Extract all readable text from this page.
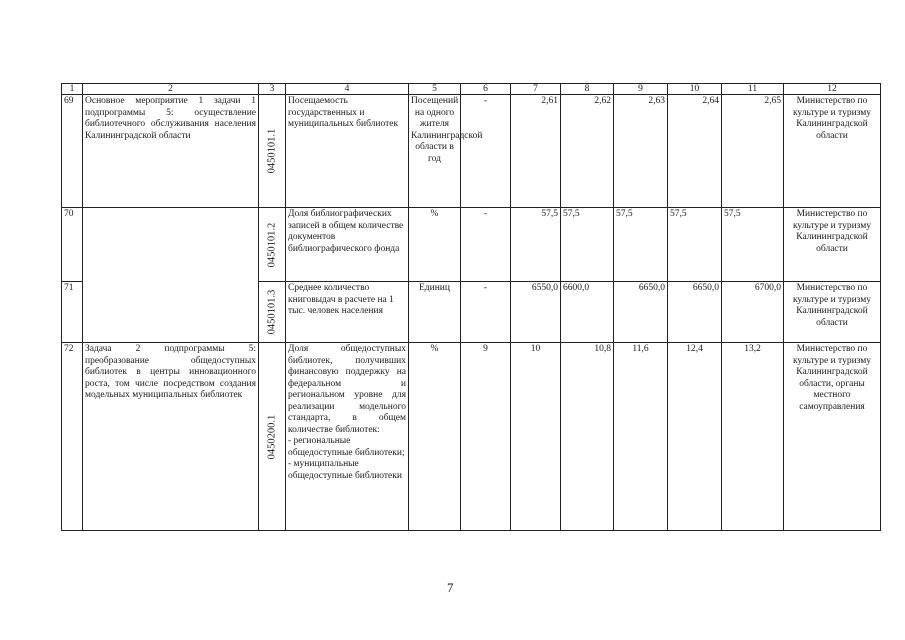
1	2	3	4	5	6	7	8	9	10	11	12
69	Основное мероприятие 1 задачи 1 подпрограммы 5: осуществление библиотечного обслуживания населения Калининградской области	0450101.1	Посещаемость государственных и муниципальных библиотек	Посещений на одного жителя Калининградской области в год	-	2,61	2,62	2,63	2,64	2,65	Министерство по культуре и туризму Калининградской области
70		0450101.2	Доля библиографических записей в общем количестве документов библиографического фонда	%	-	57,5	57,5	57,5	57,5	57,5	Министерство по культуре и туризму Калининградской области
71		0450101.3	Среднее количество книговыдач в расчете на 1 тыс. человек населения	Единиц	-	6550,0	6600,0	6650,0	6650,0	6700,0	Министерство по культуре и туризму Калининградской области
72	Задача 2 подпрограммы 5: преобразование общедоступных библиотек в центры инновационного роста, том числе посредством создания модельных муниципальных библиотек	0450200.1	Доля общедоступных библиотек, получивших финансовую поддержку на федеральном и региональном уровне для реализации модельного стандарта, в общем количестве библиотек:
- региональные общедоступные библиотеки;
- муниципальные общедоступные библиотеки	%	9	10	10,8	11,6	12,4	13,2	Министерство по культуре и туризму Калининградской области, органы местного самоуправления
7
